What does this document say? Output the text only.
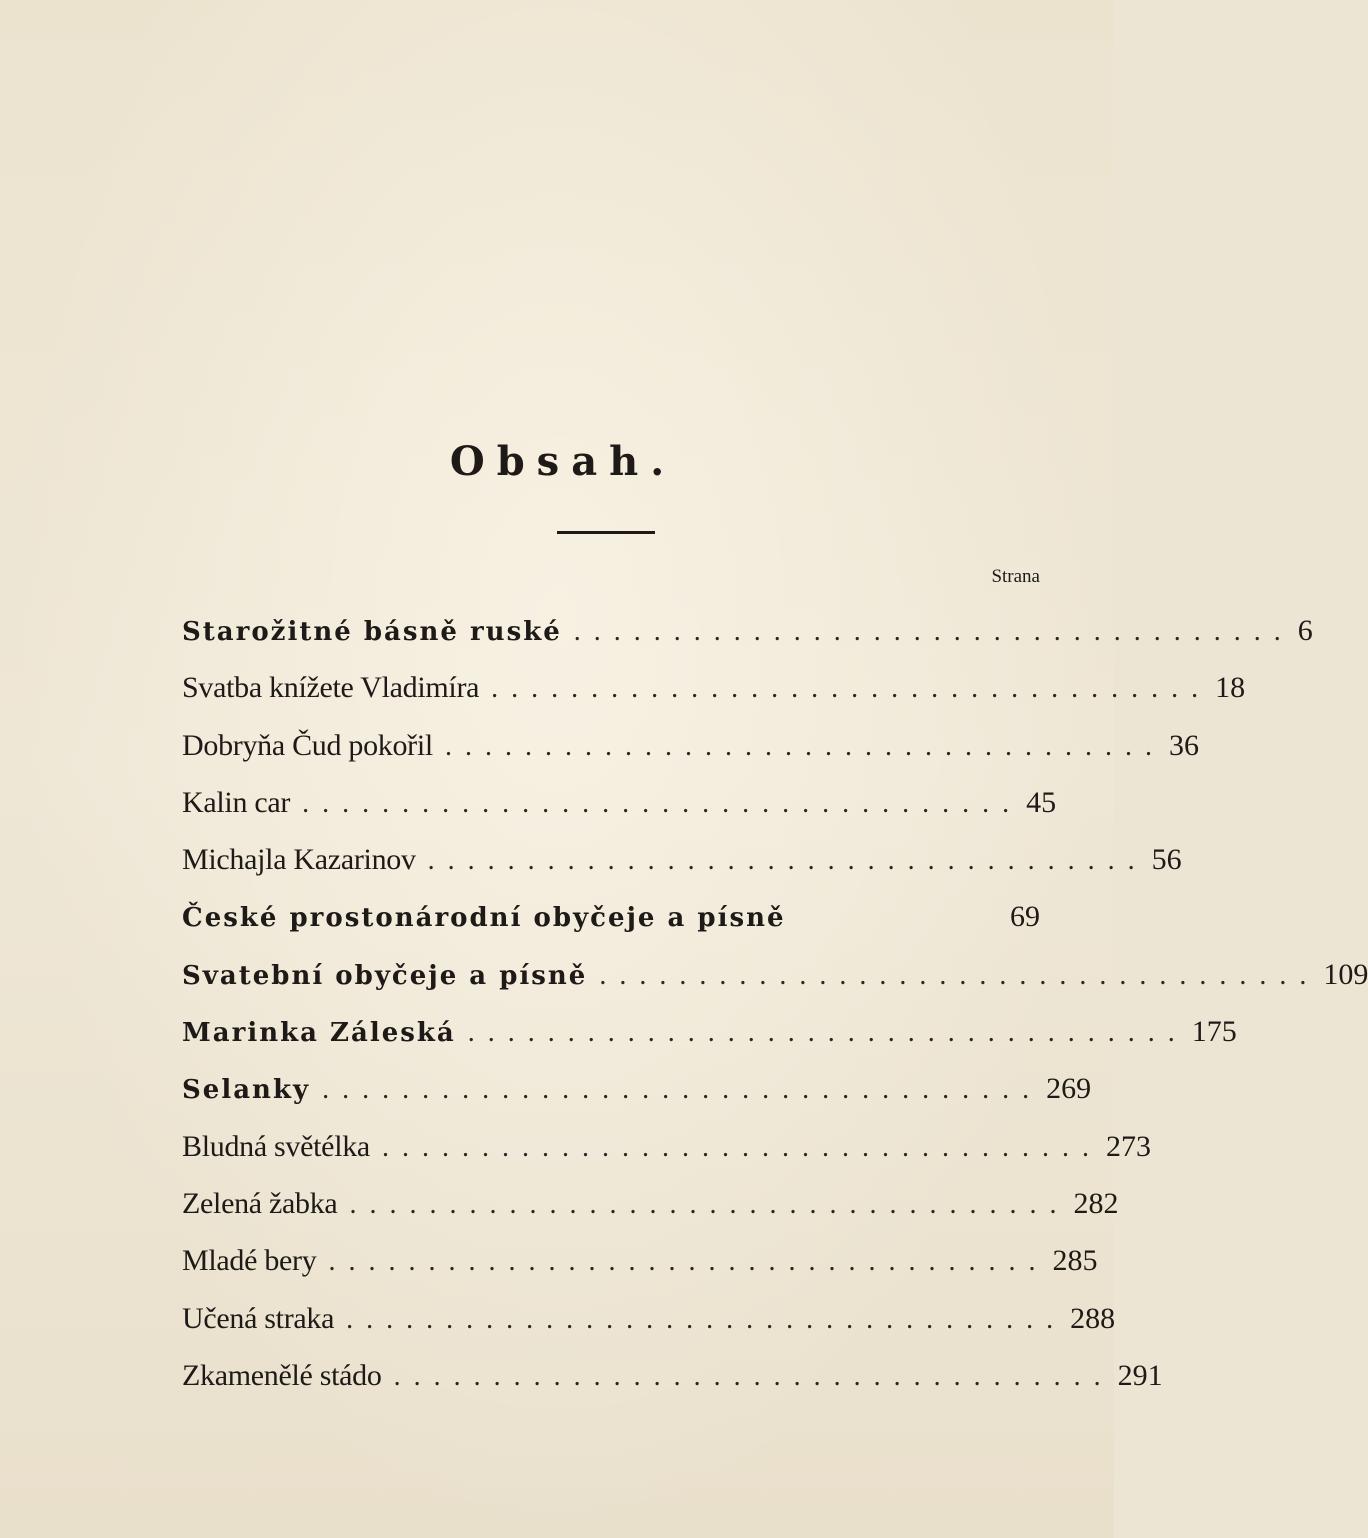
Obsah.
Strana
Starožitné básně ruské .................................... 6
Svatba knížete Vladimíra .................................... 18
Dobryňa Čud pokořil .................................... 36
Kalin car .................................... 45
Michajla Kazarinov .................................... 56
České prostonárodní obyčeje a písně	69
Svatební obyčeje a písně .................................... 109
Marinka Záleská .................................... 175
Selanky .................................... 269
Bludná světélka .................................... 273
Zelená žabka .................................... 282
Mladé bery .................................... 285
Učená straka .................................... 288
Zkamenělé stádo .................................... 291
